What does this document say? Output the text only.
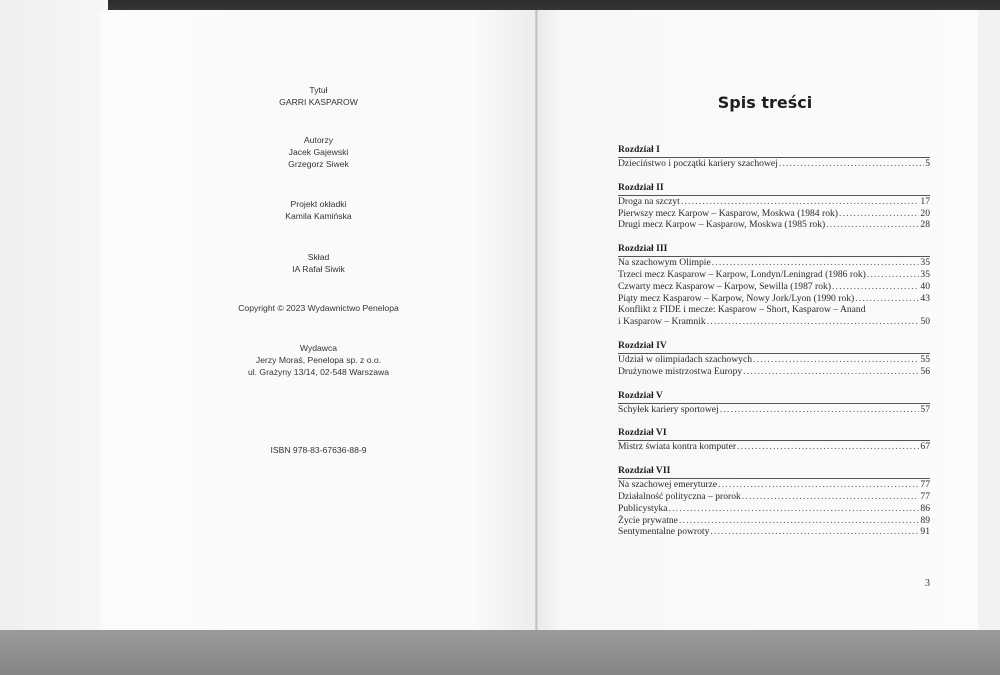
Tytuł
GARRI KASPAROW
Autorzy
Jacek Gajewski
Grzegorz Siwek
Projekt okładki
Kamila Kamińska
Skład
IA Rafał Siwik
Copyright © 2023 Wydawnictwo Penelopa
Wydawca
Jerzy Moraś, Penelopa sp. z o.o.
ul. Grażyny 13/14, 02-548 Warszawa
ISBN 978-83-67636-88-9
Spis treści
Rozdział I
Dzieciństwo i początki kariery szachowej .....	5
Rozdział II
Droga na szczyt .....	17
Pierwszy mecz Karpow – Kasparow, Moskwa (1984 rok) .....	20
Drugi mecz Karpow – Kasparow, Moskwa (1985 rok) .....	28
Rozdział III
Na szachowym Olimpie .....	35
Trzeci mecz Kasparow – Karpow, Londyn/Leningrad (1986 rok) .....	35
Czwarty mecz Kasparow – Karpow, Sewilla (1987 rok) .....	40
Piąty mecz Kasparow – Karpow, Nowy Jork/Lyon (1990 rok) .....	43
Konflikt z FIDE i mecze: Kasparow – Short, Kasparow – Anand
i Kasparow – Kramnik .....	50
Rozdział IV
Udział w olimpiadach szachowych .....	55
Drużynowe mistrzostwa Europy .....	56
Rozdział V
Schyłek kariery sportowej .....	57
Rozdział VI
Mistrz świata kontra komputer .....	67
Rozdział VII
Na szachowej emeryturze .....	77
Działalność polityczna – prorok .....	77
Publicystyka .....	86
Życie prywatne .....	89
Sentymentalne powroty .....	91
3
